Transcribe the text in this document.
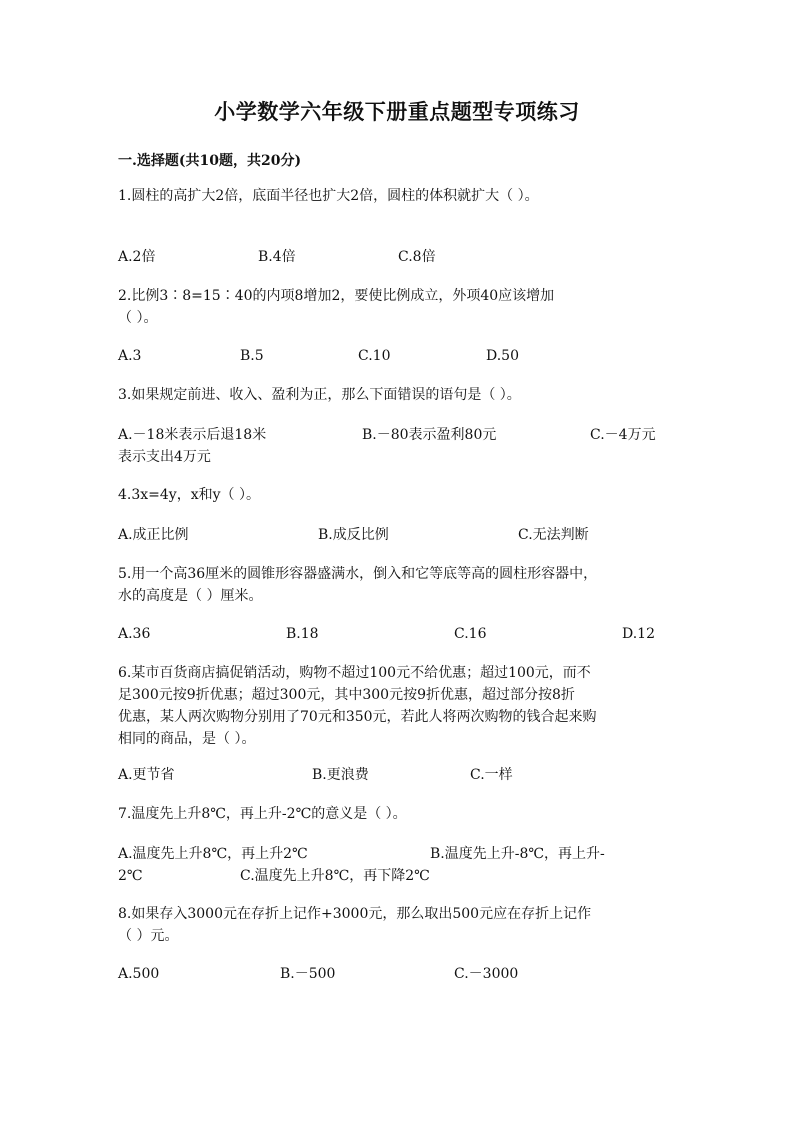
小学数学六年级下册重点题型专项练习
一.选择题(共10题，共20分)
1.圆柱的高扩大2倍，底面半径也扩大2倍，圆柱的体积就扩大（ ）。
A.2倍	B.4倍	C.8倍
2.比例3∶8=15∶40的内项8增加2，要使比例成立，外项40应该增加
（ ）。
A.3	B.5	C.10	D.50
3.如果规定前进、收入、盈利为正，那么下面错误的语句是（ ）。
A.－18米表示后退18米	B.－80表示盈利80元	C.－4万元
表示支出4万元
4.3x=4y，x和y（ ）。
A.成正比例	B.成反比例	C.无法判断
5.用一个高36厘米的圆锥形容器盛满水，倒入和它等底等高的圆柱形容器中，
水的高度是（ ）厘米。
A.36	B.18	C.16	D.12
6.某市百货商店搞促销活动，购物不超过100元不给优惠；超过100元，而不
足300元按9折优惠；超过300元，其中300元按9折优惠，超过部分按8折
优惠，某人两次购物分别用了70元和350元，若此人将两次购物的钱合起来购
相同的商品，是（ ）。
A.更节省	B.更浪费	C.一样
7.温度先上升8℃，再上升-2℃的意义是（ ）。
A.温度先上升8℃，再上升2℃	B.温度先上升-8℃，再上升-
2℃	C.温度先上升8℃，再下降2℃
8.如果存入3000元在存折上记作+3000元，那么取出500元应在存折上记作
（ ）元。
A.500	B.－500	C.－3000
